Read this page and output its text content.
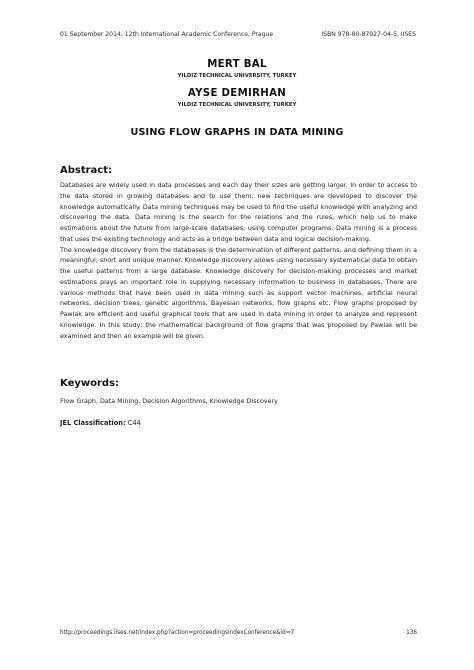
01 September 2014, 12th International Academic Conference, Prague	ISBN 978-80-87927-04-5, IISES
MERT BAL
YILDIZ TECHNICAL UNIVERSITY, TURKEY
AYSE DEMIRHAN
YILDIZ TECHNICAL UNIVERSITY, TURKEY
USING FLOW GRAPHS IN DATA MINING
Abstract:

Databases are widely used in data processes and each day their sizes are getting larger. In order to access to the data stored in growing databases and to use them, new techniques are developed to discover the knowledge automatically. Data mining techniques may be used to find the useful knowledge with analyzing and discovering the data. Data mining is the search for the relations and the rules, which help us to make estimations about the future from large-scale databases, using computer programs. Data mining is a process that uses the existing technology and acts as a bridge between data and logical decision-making.

The knowledge discovery from the databases is the determination of different patterns, and defining them in a meaningful, short and unique manner. Knowledge discovery allows using necessary systematical data to obtain the useful patterns from a large database. Knowledge discovery for decision-making processes and market estimations plays an important role in supplying necessary information to business in databases. There are various methods that have been used in data mining such as support vector machines, artificial neural networks, decision trees, genetic algorithms, Bayesian networks, flow graphs etc. Flow graphs proposed by Pawlak are efficient and useful graphical tools that are used in data mining in order to analyze and represent knowledge. In this study; the mathematical background of flow graphs that was proposed by Pawlak will be examined and then an example will be given.

Keywords:
Flow Graph, Data Mining, Decision Algorithms, Knowledge Discovery
JEL Classification: C44
http://proceedings.iises.net/index.php?action=proceedingsIndexConference&id=7	136
